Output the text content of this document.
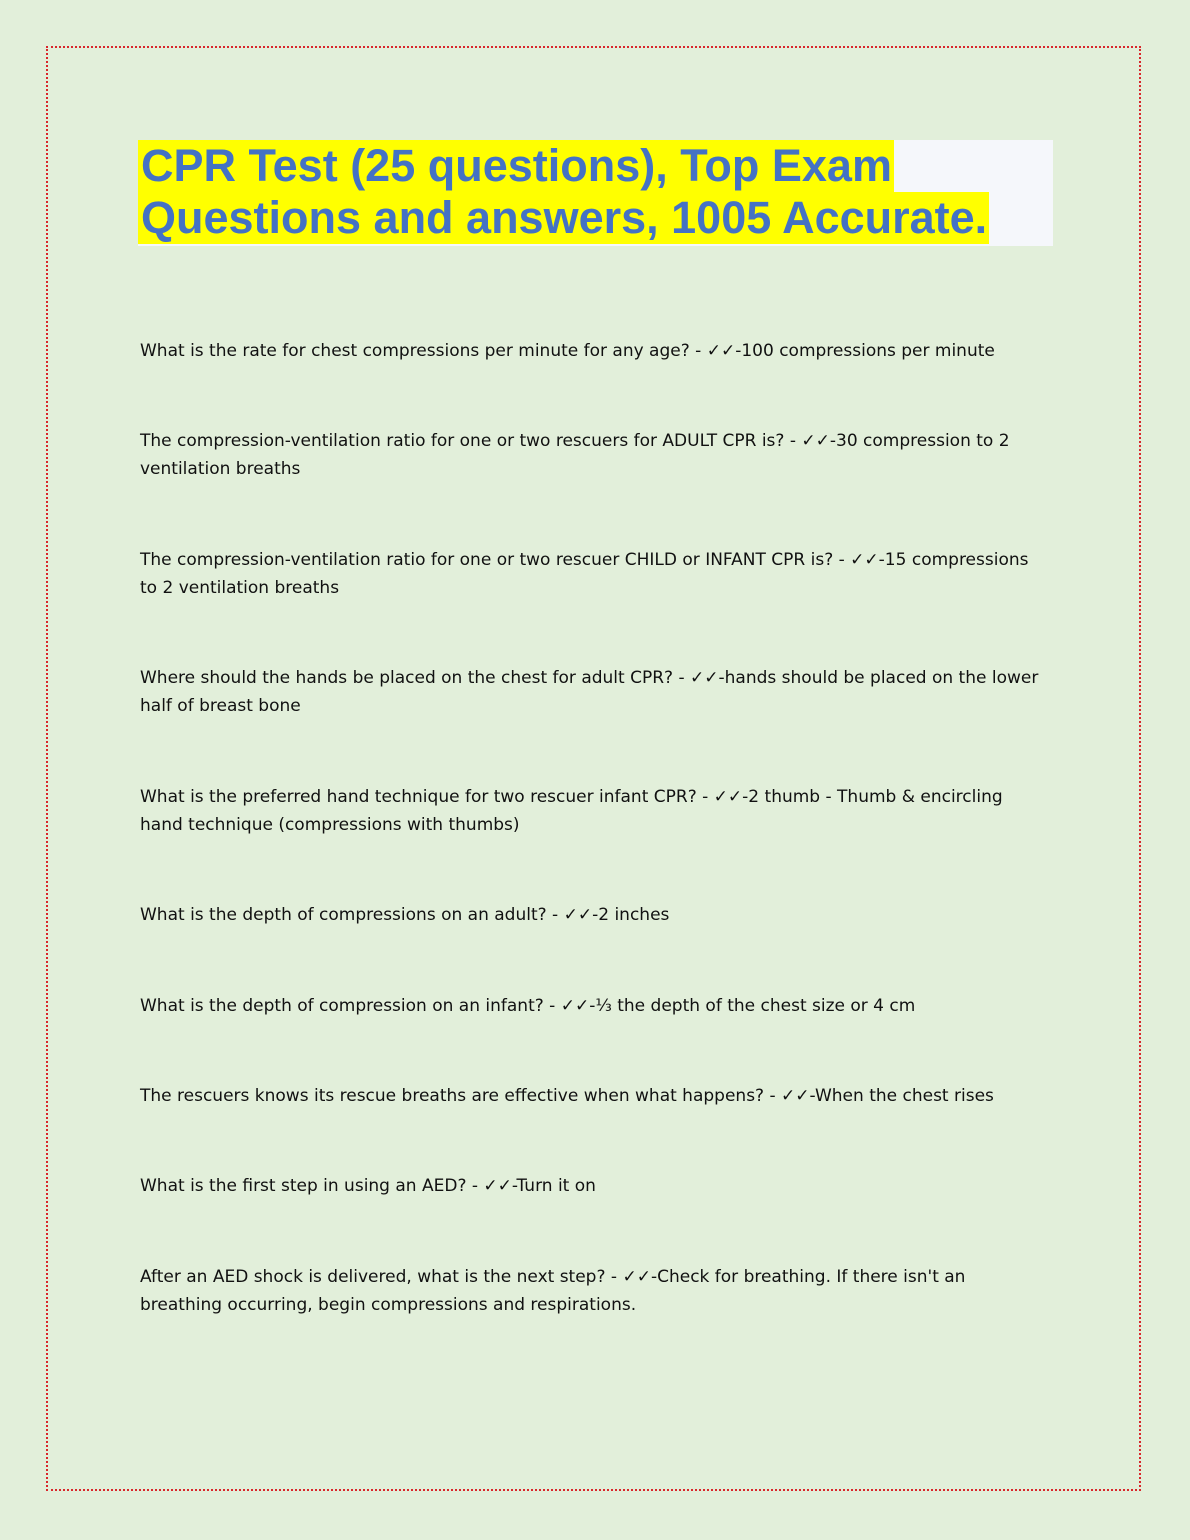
CPR Test (25 questions), Top Exam
Questions and answers, 1005 Accurate.

What is the rate for chest compressions per minute for any age? - ✓✓-100 compressions per minute

The compression-ventilation ratio for one or two rescuers for ADULT CPR is? - ✓✓-30 compression to 2 ventilation breaths

The compression-ventilation ratio for one or two rescuer CHILD or INFANT CPR is? - ✓✓-15 compressions to 2 ventilation breaths

Where should the hands be placed on the chest for adult CPR? - ✓✓-hands should be placed on the lower half of breast bone

What is the preferred hand technique for two rescuer infant CPR? - ✓✓-2 thumb - Thumb & encircling hand technique (compressions with thumbs)

What is the depth of compressions on an adult? - ✓✓-2 inches

What is the depth of compression on an infant? - ✓✓-⅓ the depth of the chest size or 4 cm

The rescuers knows its rescue breaths are effective when what happens? - ✓✓-When the chest rises

What is the first step in using an AED? - ✓✓-Turn it on

After an AED shock is delivered, what is the next step? - ✓✓-Check for breathing. If there isn't an breathing occurring, begin compressions and respirations.
